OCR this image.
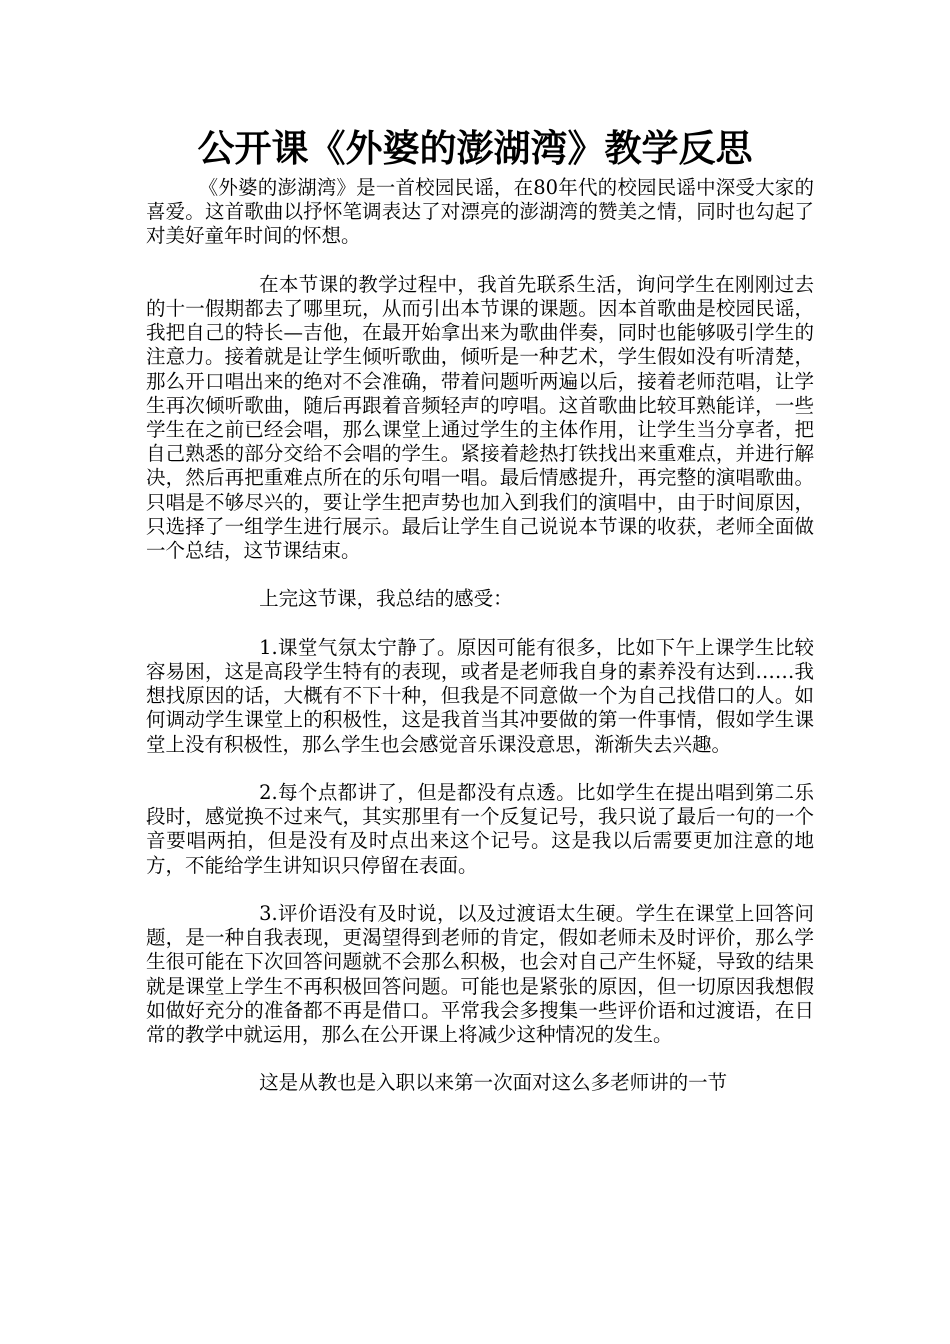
公开课《外婆的澎湖湾》教学反思

《外婆的澎湖湾》是一首校园民谣，在80年代的校园民谣中深受大家的喜爱。这首歌曲以抒怀笔调表达了对漂亮的澎湖湾的赞美之情，同时也勾起了对美好童年时间的怀想。

在本节课的教学过程中，我首先联系生活，询问学生在刚刚过去的十一假期都去了哪里玩，从而引出本节课的课题。因本首歌曲是校园民谣，我把自己的特长—吉他，在最开始拿出来为歌曲伴奏，同时也能够吸引学生的注意力。接着就是让学生倾听歌曲，倾听是一种艺术，学生假如没有听清楚，那么开口唱出来的绝对不会准确，带着问题听两遍以后，接着老师范唱，让学生再次倾听歌曲，随后再跟着音频轻声的哼唱。这首歌曲比较耳熟能详，一些学生在之前已经会唱，那么课堂上通过学生的主体作用，让学生当分享者，把自己熟悉的部分交给不会唱的学生。紧接着趁热打铁找出来重难点，并进行解决，然后再把重难点所在的乐句唱一唱。最后情感提升，再完整的演唱歌曲。只唱是不够尽兴的，要让学生把声势也加入到我们的演唱中，由于时间原因，只选择了一组学生进行展示。最后让学生自己说说本节课的收获，老师全面做一个总结，这节课结束。

上完这节课，我总结的感受：

1.课堂气氛太宁静了。原因可能有很多，比如下午上课学生比较容易困，这是高段学生特有的表现，或者是老师我自身的素养没有达到……我想找原因的话，大概有不下十种，但我是不同意做一个为自己找借口的人。如何调动学生课堂上的积极性，这是我首当其冲要做的第一件事情，假如学生课堂上没有积极性，那么学生也会感觉音乐课没意思，渐渐失去兴趣。

2.每个点都讲了，但是都没有点透。比如学生在提出唱到第二乐段时，感觉换不过来气，其实那里有一个反复记号，我只说了最后一句的一个音要唱两拍，但是没有及时点出来这个记号。这是我以后需要更加注意的地方，不能给学生讲知识只停留在表面。

3.评价语没有及时说，以及过渡语太生硬。学生在课堂上回答问题，是一种自我表现，更渴望得到老师的肯定，假如老师未及时评价，那么学生很可能在下次回答问题就不会那么积极，也会对自己产生怀疑，导致的结果就是课堂上学生不再积极回答问题。可能也是紧张的原因，但一切原因我想假如做好充分的准备都不再是借口。平常我会多搜集一些评价语和过渡语，在日常的教学中就运用，那么在公开课上将减少这种情况的发生。

这是从教也是入职以来第一次面对这么多老师讲的一节
